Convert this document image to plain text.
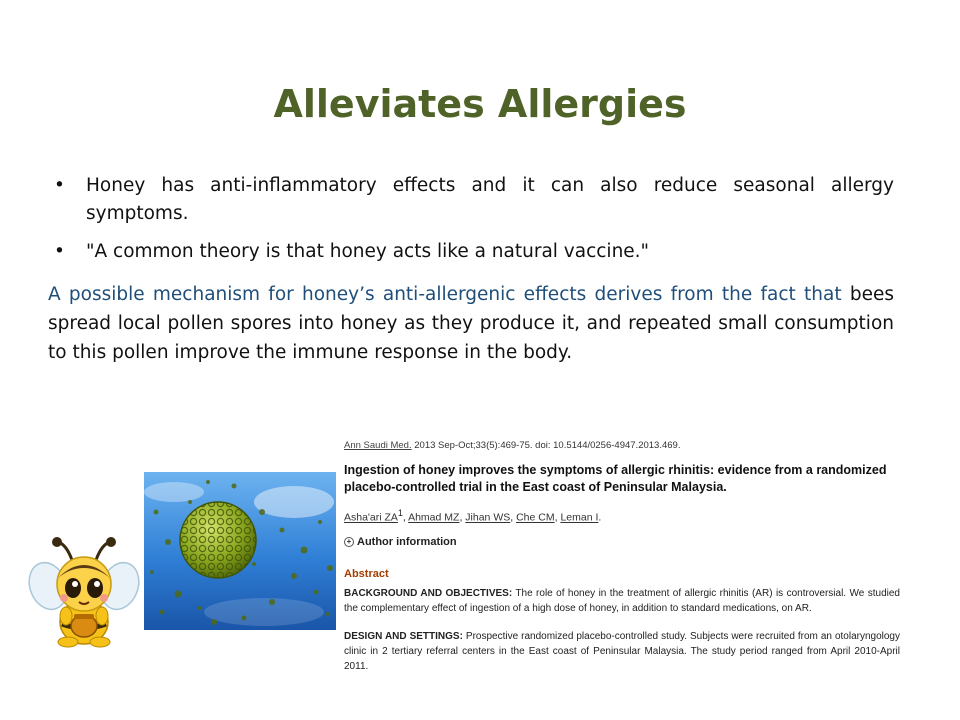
Alleviates Allergies
• Honey has anti-inflammatory effects and it can also reduce seasonal allergy symptoms.
• "A common theory is that honey acts like a natural vaccine."

A possible mechanism for honey’s anti-allergenic effects derives from the fact that bees spread local pollen spores into honey as they produce it, and repeated small consumption to this pollen improve the immune response in the body.

Ann Saudi Med. 2013 Sep-Oct;33(5):469-75. doi: 10.5144/0256-4947.2013.469.
Ingestion of honey improves the symptoms of allergic rhinitis: evidence from a randomized placebo-controlled trial in the East coast of Peninsular Malaysia.
Asha'ari $ZA^1$, Ahmad MZ, Jihan WS, Che CM, Leman I.
+ Author information
Abstract
BACKGROUND AND OBJECTIVES: The role of honey in the treatment of allergic rhinitis (AR) is controversial. We studied the complementary effect of ingestion of a high dose of honey, in addition to standard medications, on AR.
DESIGN AND SETTINGS: Prospective randomized placebo-controlled study. Subjects were recruited from an otolaryngology clinic in 2 tertiary referral centers in the East coast of Peninsular Malaysia. The study period ranged from April 2010-April 2011.
